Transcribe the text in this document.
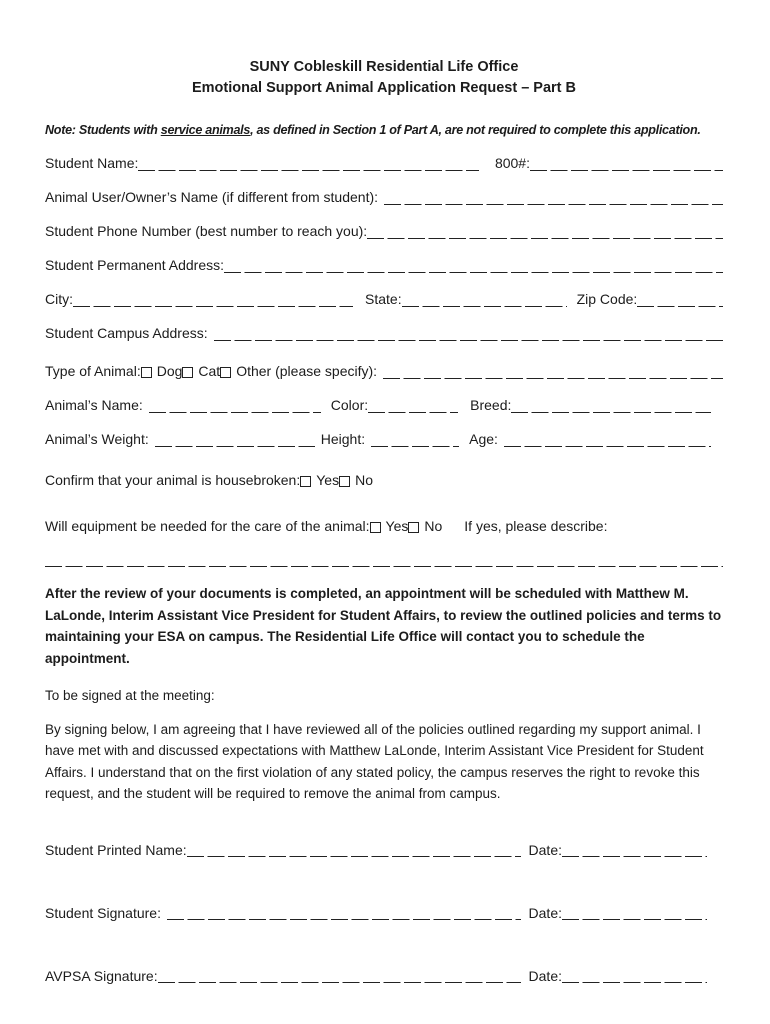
SUNY Cobleskill Residential Life Office
Emotional Support Animal Application Request – Part B

Note: Students with service animals, as defined in Section 1 of Part A, are not required to complete this application.

Student Name:	800#:
Animal User/Owner’s Name (if different from student):
Student Phone Number (best number to reach you):
Student Permanent Address:
City:	State:	Zip Code:
Student Campus Address:
Type of Animal: Dog Cat Other (please specify):
Animal’s Name:	Color:	Breed:
Animal’s Weight:	Height:	Age:
Confirm that your animal is housebroken: Yes No
Will equipment be needed for the care of the animal: Yes No If yes, please describe:

After the review of your documents is completed, an appointment will be scheduled with Matthew M. LaLonde, Interim Assistant Vice President for Student Affairs, to review the outlined policies and terms to maintaining your ESA on campus. The Residential Life Office will contact you to schedule the appointment.

To be signed at the meeting:

By signing below, I am agreeing that I have reviewed all of the policies outlined regarding my support animal. I have met with and discussed expectations with Matthew LaLonde, Interim Assistant Vice President for Student Affairs. I understand that on the first violation of any stated policy, the campus reserves the right to revoke this request, and the student will be required to remove the animal from campus.

Student Printed Name:	Date:
Student Signature:	Date:
AVPSA Signature:	Date:
